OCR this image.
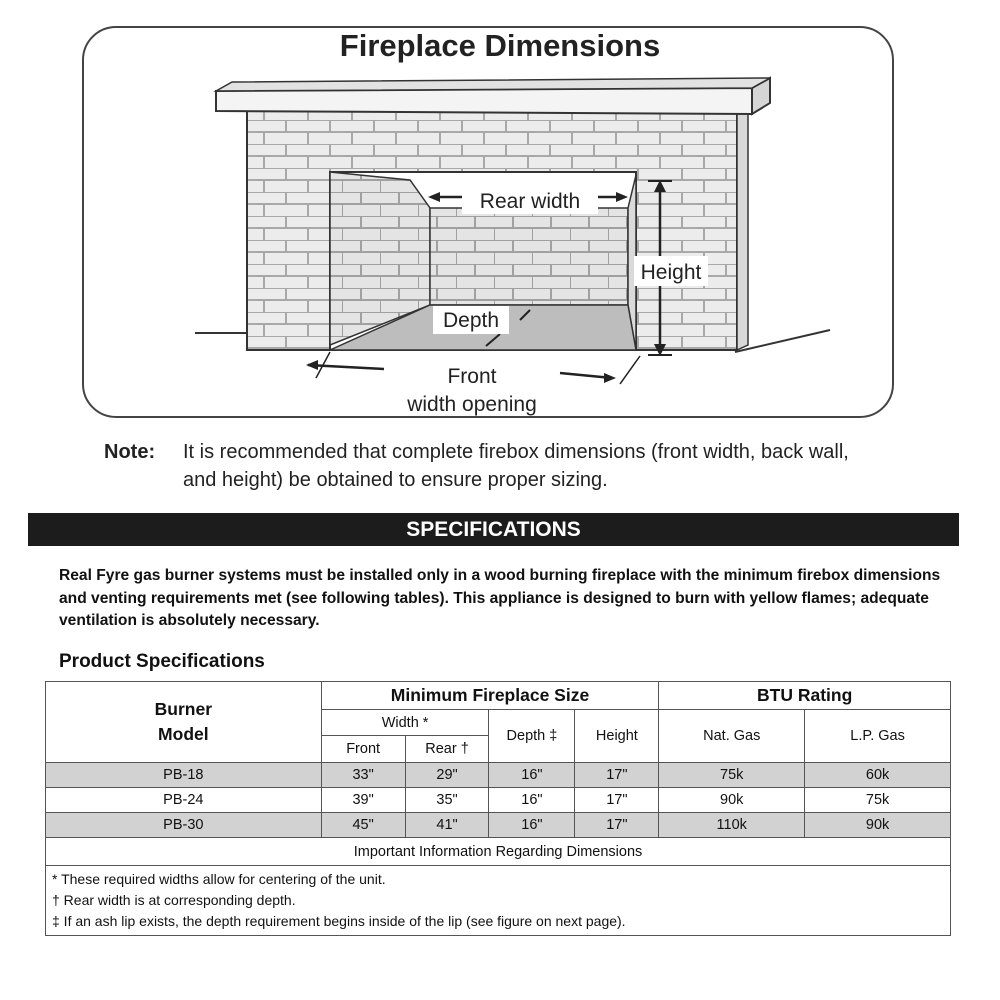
Fireplace Dimensions
Rear width
Height
Depth
Front
width opening
Note: It is recommended that complete firebox dimensions (front width, back wall, and height) be obtained to ensure proper sizing.
SPECIFICATIONS
Real Fyre gas burner systems must be installed only in a wood burning fireplace with the minimum firebox dimensions and venting requirements met (see following tables). This appliance is designed to burn with yellow flames; adequate ventilation is absolutely necessary.
Product Specifications
Burner Model	Minimum Fireplace Size				BTU Rating	
	Width *		Depth ‡	Height	Nat. Gas	L.P. Gas
	Front	Rear †				
PB-18	33"	29"	16"	17"	75k	60k
PB-24	39"	35"	16"	17"	90k	75k
PB-30	45"	41"	16"	17"	110k	90k
Important Information Regarding Dimensions						

* These required widths allow for centering of the unit.
† Rear width is at corresponding depth.
‡ If an ash lip exists, the depth requirement begins inside of the lip (see figure on next page).						
